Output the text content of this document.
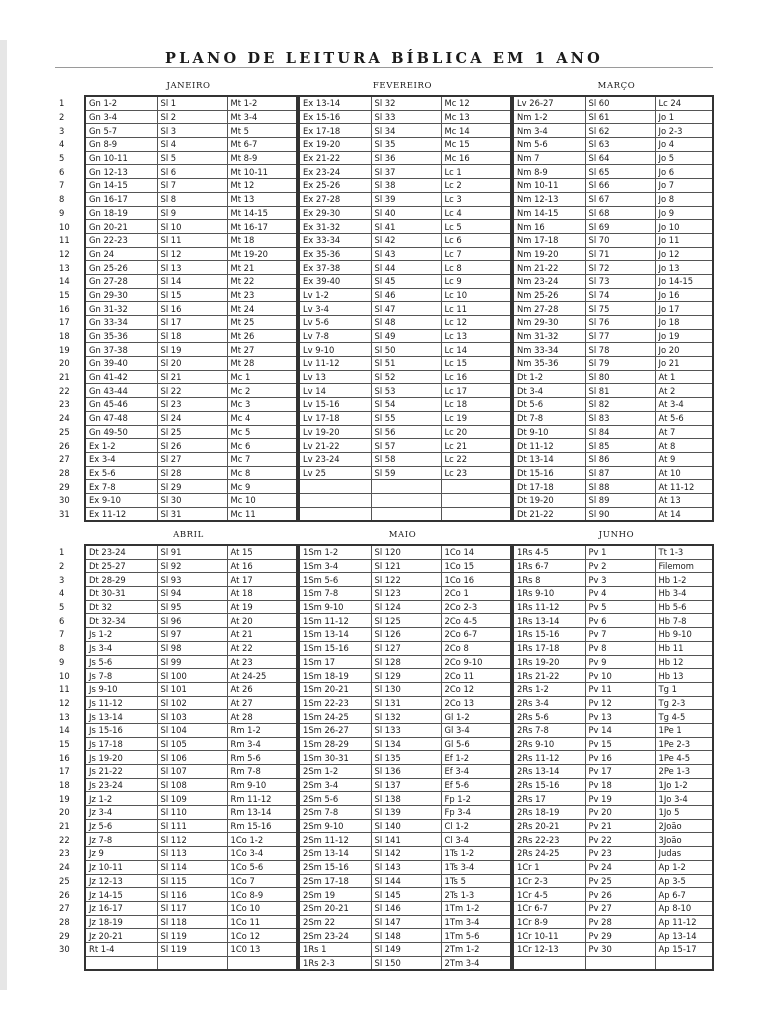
PLANO DE LEITURA BÍBLICA EM 1 ANO
JANEIRO	FEVEREIRO	MARÇO
1	Gn 1-2	Sl 1	Mt 1-2		Ex 13-14	Sl 32	Mc 12		Lv 26-27	Sl 60	Lc 24
2	Gn 3-4	Sl 2	Mt 3-4		Ex 15-16	Sl 33	Mc 13		Nm 1-2	Sl 61	Jo 1
3	Gn 5-7	Sl 3	Mt 5		Ex 17-18	Sl 34	Mc 14		Nm 3-4	Sl 62	Jo 2-3
4	Gn 8-9	Sl 4	Mt 6-7		Ex 19-20	Sl 35	Mc 15		Nm 5-6	Sl 63	Jo 4
5	Gn 10-11	Sl 5	Mt 8-9		Ex 21-22	Sl 36	Mc 16		Nm 7	Sl 64	Jo 5
6	Gn 12-13	Sl 6	Mt 10-11		Ex 23-24	Sl 37	Lc 1		Nm 8-9	Sl 65	Jo 6
7	Gn 14-15	Sl 7	Mt 12		Ex 25-26	Sl 38	Lc 2		Nm 10-11	Sl 66	Jo 7
8	Gn 16-17	Sl 8	Mt 13		Ex 27-28	Sl 39	Lc 3		Nm 12-13	Sl 67	Jo 8
9	Gn 18-19	Sl 9	Mt 14-15		Ex 29-30	Sl 40	Lc 4		Nm 14-15	Sl 68	Jo 9
10	Gn 20-21	Sl 10	Mt 16-17		Ex 31-32	Sl 41	Lc 5		Nm 16	Sl 69	Jo 10
11	Gn 22-23	Sl 11	Mt 18		Ex 33-34	Sl 42	Lc 6		Nm 17-18	Sl 70	Jo 11
12	Gn 24	Sl 12	Mt 19-20		Ex 35-36	Sl 43	Lc 7		Nm 19-20	Sl 71	Jo 12
13	Gn 25-26	Sl 13	Mt 21		Ex 37-38	Sl 44	Lc 8		Nm 21-22	Sl 72	Jo 13
14	Gn 27-28	Sl 14	Mt 22		Ex 39-40	Sl 45	Lc 9		Nm 23-24	Sl 73	Jo 14-15
15	Gn 29-30	Sl 15	Mt 23		Lv 1-2	Sl 46	Lc 10		Nm 25-26	Sl 74	Jo 16
16	Gn 31-32	Sl 16	Mt 24		Lv 3-4	Sl 47	Lc 11		Nm 27-28	Sl 75	Jo 17
17	Gn 33-34	Sl 17	Mt 25		Lv 5-6	Sl 48	Lc 12		Nm 29-30	Sl 76	Jo 18
18	Gn 35-36	Sl 18	Mt 26		Lv 7-8	Sl 49	Lc 13		Nm 31-32	Sl 77	Jo 19
19	Gn 37-38	Sl 19	Mt 27		Lv 9-10	Sl 50	Lc 14		Nm 33-34	Sl 78	Jo 20
20	Gn 39-40	Sl 20	Mt 28		Lv 11-12	Sl 51	Lc 15		Nm 35-36	Sl 79	Jo 21
21	Gn 41-42	Sl 21	Mc 1		Lv 13	Sl 52	Lc 16		Dt 1-2	Sl 80	At 1
22	Gn 43-44	Sl 22	Mc 2		Lv 14	Sl 53	Lc 17		Dt 3-4	Sl 81	At 2
23	Gn 45-46	Sl 23	Mc 3		Lv 15-16	Sl 54	Lc 18		Dt 5-6	Sl 82	At 3-4
24	Gn 47-48	Sl 24	Mc 4		Lv 17-18	Sl 55	Lc 19		Dt 7-8	Sl 83	At 5-6
25	Gn 49-50	Sl 25	Mc 5		Lv 19-20	Sl 56	Lc 20		Dt 9-10	Sl 84	At 7
26	Ex 1-2	Sl 26	Mc 6		Lv 21-22	Sl 57	Lc 21		Dt 11-12	Sl 85	At 8
27	Ex 3-4	Sl 27	Mc 7		Lv 23-24	Sl 58	Lc 22		Dt 13-14	Sl 86	At 9
28	Ex 5-6	Sl 28	Mc 8		Lv 25	Sl 59	Lc 23		Dt 15-16	Sl 87	At 10
29	Ex 7-8	Sl 29	Mc 9						Dt 17-18	Sl 88	At 11-12
30	Ex 9-10	Sl 30	Mc 10						Dt 19-20	Sl 89	At 13
31	Ex 11-12	Sl 31	Mc 11						Dt 21-22	Sl 90	At 14
ABRIL	MAIO	JUNHO
1	Dt 23-24	Sl 91	At 15		1Sm 1-2	Sl 120	1Co 14		1Rs 4-5	Pv 1	Tt 1-3
2	Dt 25-27	Sl 92	At 16		1Sm 3-4	Sl 121	1Co 15		1Rs 6-7	Pv 2	Filemom
3	Dt 28-29	Sl 93	At 17		1Sm 5-6	Sl 122	1Co 16		1Rs 8	Pv 3	Hb 1-2
4	Dt 30-31	Sl 94	At 18		1Sm 7-8	Sl 123	2Co 1		1Rs 9-10	Pv 4	Hb 3-4
5	Dt 32	Sl 95	At 19		1Sm 9-10	Sl 124	2Co 2-3		1Rs 11-12	Pv 5	Hb 5-6
6	Dt 32-34	Sl 96	At 20		1Sm 11-12	Sl 125	2Co 4-5		1Rs 13-14	Pv 6	Hb 7-8
7	Js 1-2	Sl 97	At 21		1Sm 13-14	Sl 126	2Co 6-7		1Rs 15-16	Pv 7	Hb 9-10
8	Js 3-4	Sl 98	At 22		1Sm 15-16	Sl 127	2Co 8		1Rs 17-18	Pv 8	Hb 11
9	Js 5-6	Sl 99	At 23		1Sm 17	Sl 128	2Co 9-10		1Rs 19-20	Pv 9	Hb 12
10	Js 7-8	Sl 100	At 24-25		1Sm 18-19	Sl 129	2Co 11		1Rs 21-22	Pv 10	Hb 13
11	Js 9-10	Sl 101	At 26		1Sm 20-21	Sl 130	2Co 12		2Rs 1-2	Pv 11	Tg 1
12	Js 11-12	Sl 102	At 27		1Sm 22-23	Sl 131	2Co 13		2Rs 3-4	Pv 12	Tg 2-3
13	Js 13-14	Sl 103	At 28		1Sm 24-25	Sl 132	Gl 1-2		2Rs 5-6	Pv 13	Tg 4-5
14	Js 15-16	Sl 104	Rm 1-2		1Sm 26-27	Sl 133	Gl 3-4		2Rs 7-8	Pv 14	1Pe 1
15	Js 17-18	Sl 105	Rm 3-4		1Sm 28-29	Sl 134	Gl 5-6		2Rs 9-10	Pv 15	1Pe 2-3
16	Js 19-20	Sl 106	Rm 5-6		1Sm 30-31	Sl 135	Ef 1-2		2Rs 11-12	Pv 16	1Pe 4-5
17	Js 21-22	Sl 107	Rm 7-8		2Sm 1-2	Sl 136	Ef 3-4		2Rs 13-14	Pv 17	2Pe 1-3
18	Js 23-24	Sl 108	Rm 9-10		2Sm 3-4	Sl 137	Ef 5-6		2Rs 15-16	Pv 18	1Jo 1-2
19	Jz 1-2	Sl 109	Rm 11-12		2Sm 5-6	Sl 138	Fp 1-2		2Rs 17	Pv 19	1Jo 3-4
20	Jz 3-4	Sl 110	Rm 13-14		2Sm 7-8	Sl 139	Fp 3-4		2Rs 18-19	Pv 20	1Jo 5
21	Jz 5-6	Sl 111	Rm 15-16		2Sm 9-10	Sl 140	Cl 1-2		2Rs 20-21	Pv 21	2João
22	Jz 7-8	Sl 112	1Co 1-2		2Sm 11-12	Sl 141	Cl 3-4		2Rs 22-23	Pv 22	3João
23	Jz 9	Sl 113	1Co 3-4		2Sm 13-14	Sl 142	1Ts 1-2		2Rs 24-25	Pv 23	Judas
24	Jz 10-11	Sl 114	1Co 5-6		2Sm 15-16	Sl 143	1Ts 3-4		1Cr 1	Pv 24	Ap 1-2
25	Jz 12-13	Sl 115	1Co 7		2Sm 17-18	Sl 144	1Ts 5		1Cr 2-3	Pv 25	Ap 3-5
26	Jz 14-15	Sl 116	1Co 8-9		2Sm 19	Sl 145	2Ts 1-3		1Cr 4-5	Pv 26	Ap 6-7
27	Jz 16-17	Sl 117	1Co 10		2Sm 20-21	Sl 146	1Tm 1-2		1Cr 6-7	Pv 27	Ap 8-10
28	Jz 18-19	Sl 118	1Co 11		2Sm 22	Sl 147	1Tm 3-4		1Cr 8-9	Pv 28	Ap 11-12
29	Jz 20-21	Sl 119	1Co 12		2Sm 23-24	Sl 148	1Tm 5-6		1Cr 10-11	Pv 29	Ap 13-14
30	Rt 1-4	Sl 119	1C0 13		1Rs 1	Sl 149	2Tm 1-2		1Cr 12-13	Pv 30	Ap 15-17
					1Rs 2-3	Sl 150	2Tm 3-4				
